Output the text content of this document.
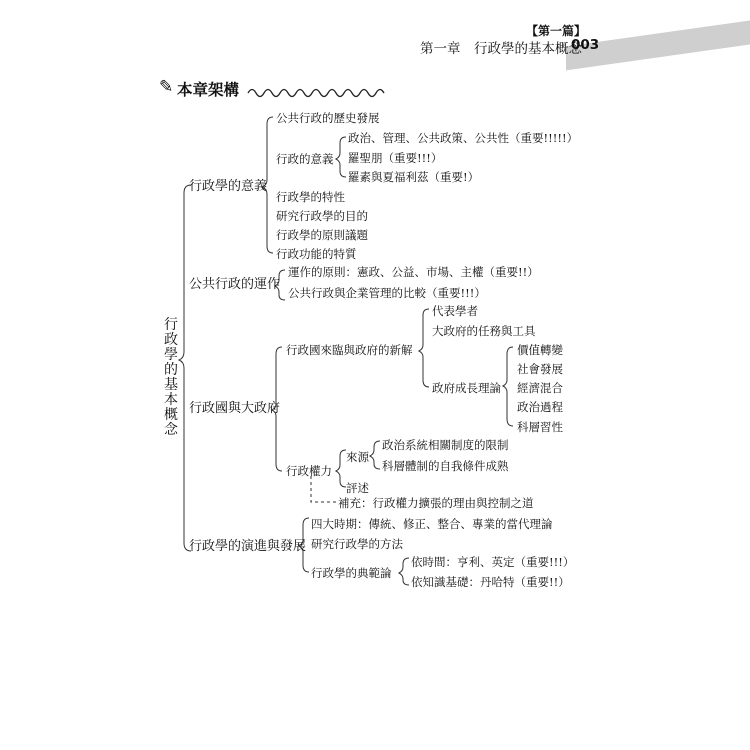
【第一篇】
第一章　行政學的基本概念
003
✎ 本章架構
行政學的基本概念
行政學的意義
公共行政的歷史發展
行政的意義
政治、管理、公共政策、公共性（重要!!!!!）
羅聖朋（重要!!!）
羅素與夏福利茲（重要!）
行政學的特性
研究行政學的目的
行政學的原則議題
行政功能的特質
公共行政的運作
運作的原則：憲政、公益、市場、主權（重要!!）
公共行政與企業管理的比較（重要!!!）
行政國與大政府
行政國來臨與政府的新解
代表學者
大政府的任務與工具
政府成長理論
價值轉變
社會發展
經濟混合
政治過程
科層習性
行政權力
來源
政治系統相關制度的限制
科層體制的自我條件成熟
評述
補充：行政權力擴張的理由與控制之道
行政學的演進與發展
四大時期：傳統、修正、整合、專業的當代理論
研究行政學的方法
行政學的典範論
依時間：亨利、英定（重要!!!）
依知識基礎：丹哈特（重要!!）
